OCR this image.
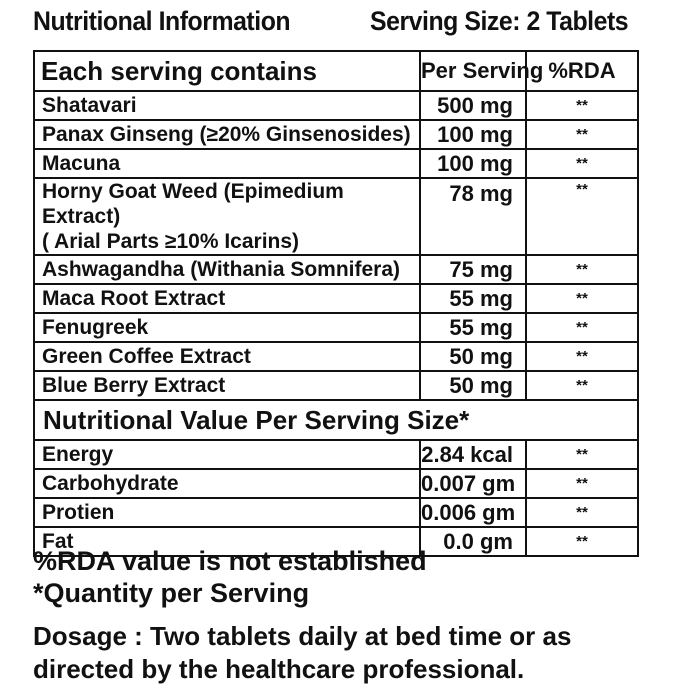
Nutritional Information	Serving Size: 2 Tablets
Each serving contains	Per Serving	%RDA
Shatavari	500 mg	**
Panax Ginseng (≥20% Ginsenosides)	100 mg	**
Macuna	100 mg	**

Horny Goat Weed (Epimedium Extract)
( Arial Parts ≥10% Icarins)	78 mg	**
Ashwagandha (Withania Somnifera)	75 mg	**
Maca Root Extract	55 mg	**
Fenugreek	55 mg	**
Green Coffee Extract	50 mg	**
Blue Berry Extract	50 mg	**
Nutritional Value Per Serving Size*		
Energy	2.84 kcal	**
Carbohydrate	0.007 gm	**
Protien	0.006 gm	**
Fat	0.0 gm	**
%RDA value is not established
*Quantity per Serving
Dosage : Two tablets daily at bed time or as directed by the healthcare professional.
